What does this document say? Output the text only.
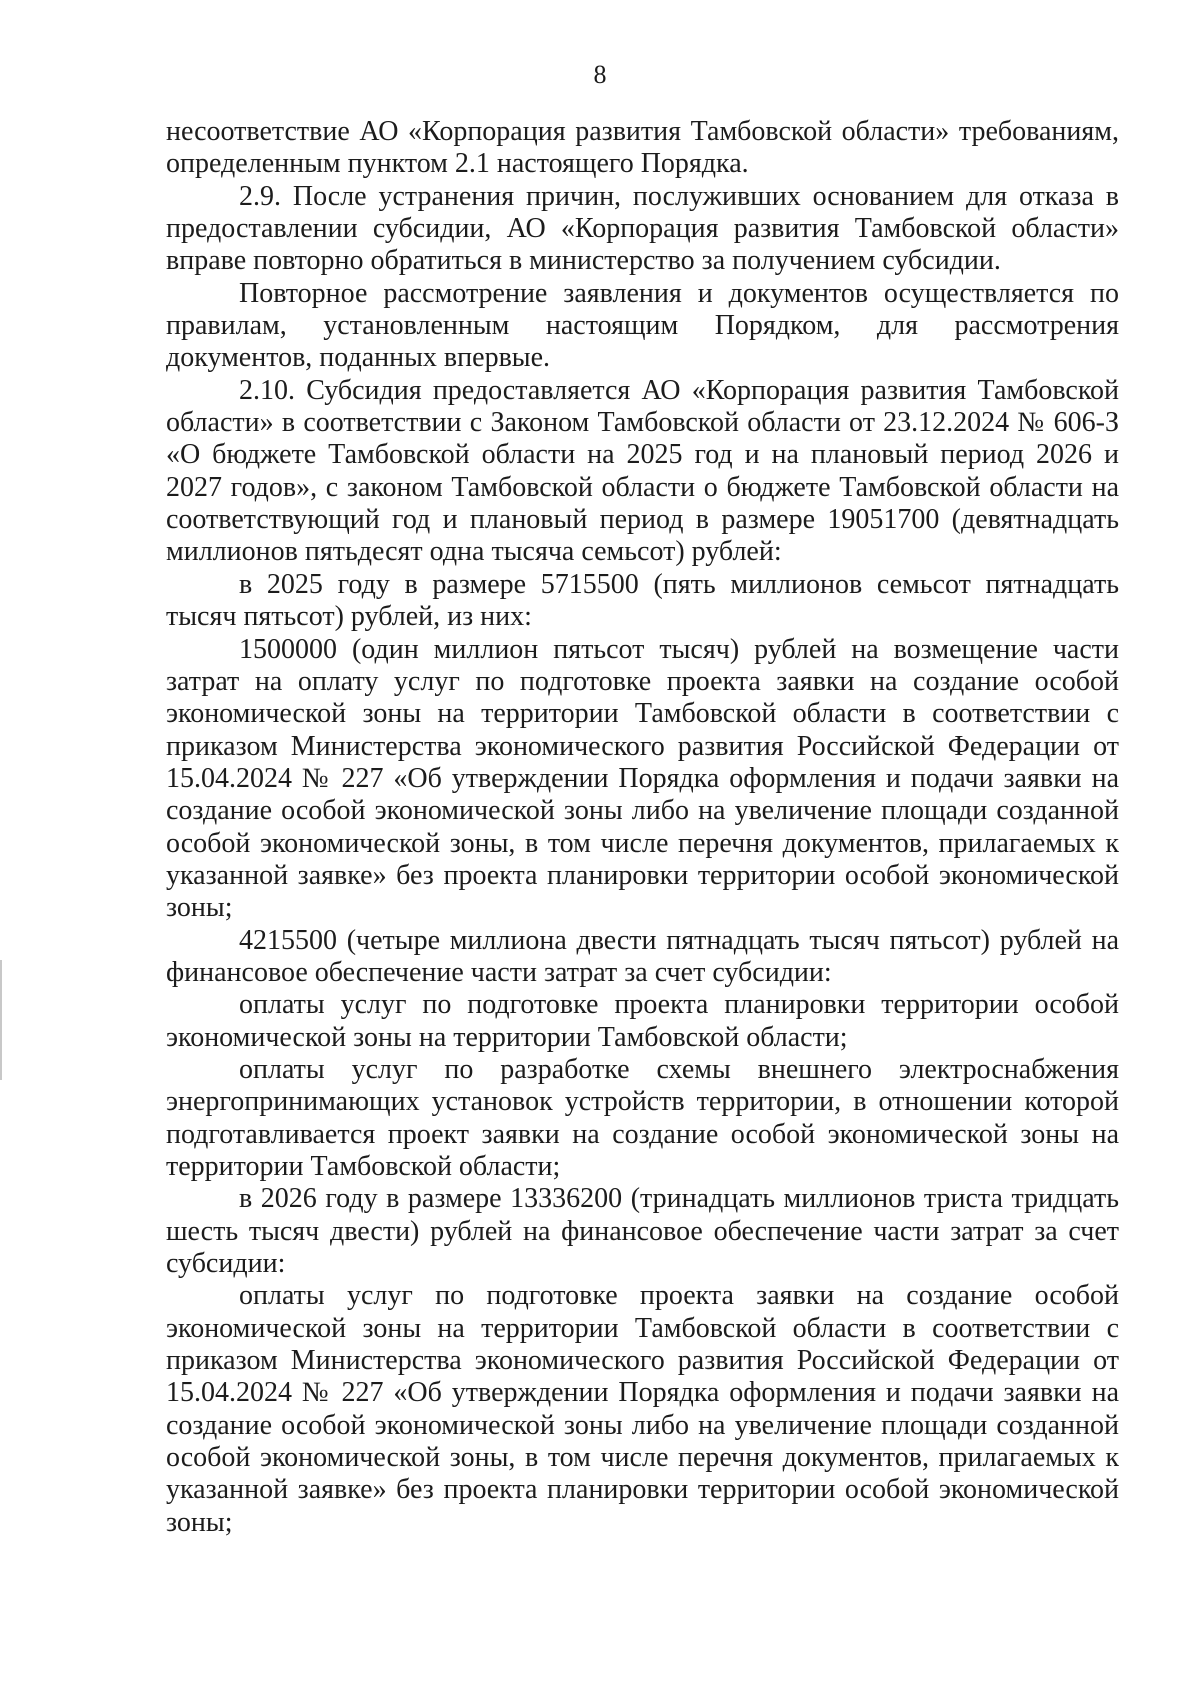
8

несоответствие АО «Корпорация развития Тамбовской области» требованиям, определенным пунктом 2.1 настоящего Порядка.

2.9. После устранения причин, послуживших основанием для отказа в предоставлении субсидии, АО «Корпорация развития Тамбовской области» вправе повторно обратиться в министерство за получением субсидии.

Повторное рассмотрение заявления и документов осуществляется по правилам, установленным настоящим Порядком, для рассмотрения документов, поданных впервые.

2.10. Субсидия предоставляется АО «Корпорация развития Тамбовской области» в соответствии с Законом Тамбовской области от 23.12.2024 № 606-З «О бюджете Тамбовской области на 2025 год и на плановый период 2026 и 2027 годов», с законом Тамбовской области о бюджете Тамбовской области на соответствующий год и плановый период в размере 19051700 (девятнадцать миллионов пятьдесят одна тысяча семьсот) рублей:

в 2025 году в размере 5715500 (пять миллионов семьсот пятнадцать тысяч пятьсот) рублей, из них:

1500000 (один миллион пятьсот тысяч) рублей на возмещение части затрат на оплату услуг по подготовке проекта заявки на создание особой экономической зоны на территории Тамбовской области в соответствии с приказом Министерства экономического развития Российской Федерации от 15.04.2024 № 227 «Об утверждении Порядка оформления и подачи заявки на создание особой экономической зоны либо на увеличение площади созданной особой экономической зоны, в том числе перечня документов, прилагаемых к указанной заявке» без проекта планировки территории особой экономической зоны;

4215500 (четыре миллиона двести пятнадцать тысяч пятьсот) рублей на финансовое обеспечение части затрат за счет субсидии:

оплаты услуг по подготовке проекта планировки территории особой экономической зоны на территории Тамбовской области;

оплаты услуг по разработке схемы внешнего электроснабжения энергопринимающих установок устройств территории, в отношении которой подготавливается проект заявки на создание особой экономической зоны на территории Тамбовской области;

в 2026 году в размере 13336200 (тринадцать миллионов триста тридцать шесть тысяч двести) рублей на финансовое обеспечение части затрат за счет субсидии:

оплаты услуг по подготовке проекта заявки на создание особой экономической зоны на территории Тамбовской области в соответствии с приказом Министерства экономического развития Российской Федерации от 15.04.2024 № 227 «Об утверждении Порядка оформления и подачи заявки на создание особой экономической зоны либо на увеличение площади созданной особой экономической зоны, в том числе перечня документов, прилагаемых к указанной заявке» без проекта планировки территории особой экономической зоны;
